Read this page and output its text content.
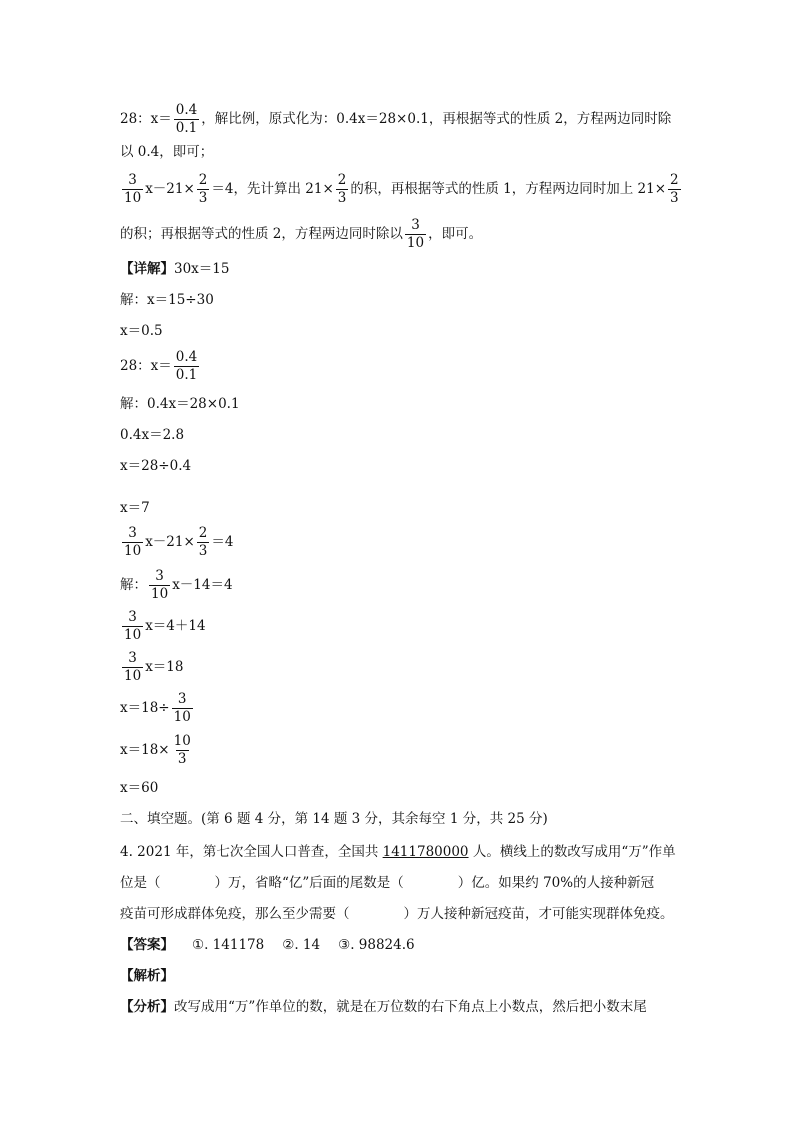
28：$x= \frac{0.4}{0.1}$ ，解比例，原式化为：0.4x＝28×0.1，再根据等式的性质 2，方程两边同时除
以 0.4，即可；
$\frac{3}{10} x-21\times \frac{2}{3} =4$，先计算出 $21\times \frac{2}{3}$ 的积，再根据等式的性质 1，方程两边同时加上 $21\times \frac{2}{3}$
的积；再根据等式的性质 2，方程两边同时除以 $\frac{3}{10}$ ，即可。
【详解】30x＝15
解：x＝15÷30
x＝0.5
28：$x= \frac{0.4}{0.1}$
解：0.4x＝28×0.1
0.4x＝2.8
x＝28÷0.4
x＝7
$\frac{3}{10} x-21\times \frac{2}{3} =4$
解： $\frac{3}{10} x-14=4$
$\frac{3}{10} x=4+14$
$\frac{3}{10} x=18$
$x=18\div \frac{3}{10}$
$x=18\times \frac{10}{3}$
x＝60
二、填空题。(第 6 题 4 分，第 14 题 3 分，其余每空 1 分，共 25 分)
4. 2021 年，第七次全国人口普查，全国共 1411780000 人。横线上的数改写成用“万”作单
位是（　　　　）万，省略“亿”后面的尾数是（　　　　）亿。如果约 70%的人接种新冠
疫苗可形成群体免疫，那么至少需要（　　　　）万人接种新冠疫苗，才可能实现群体免疫。
【答案】 ①. 141178 ②. 14 ③. 98824.6
【解析】
【分析】改写成用“万”作单位的数，就是在万位数的右下角点上小数点，然后把小数末尾
